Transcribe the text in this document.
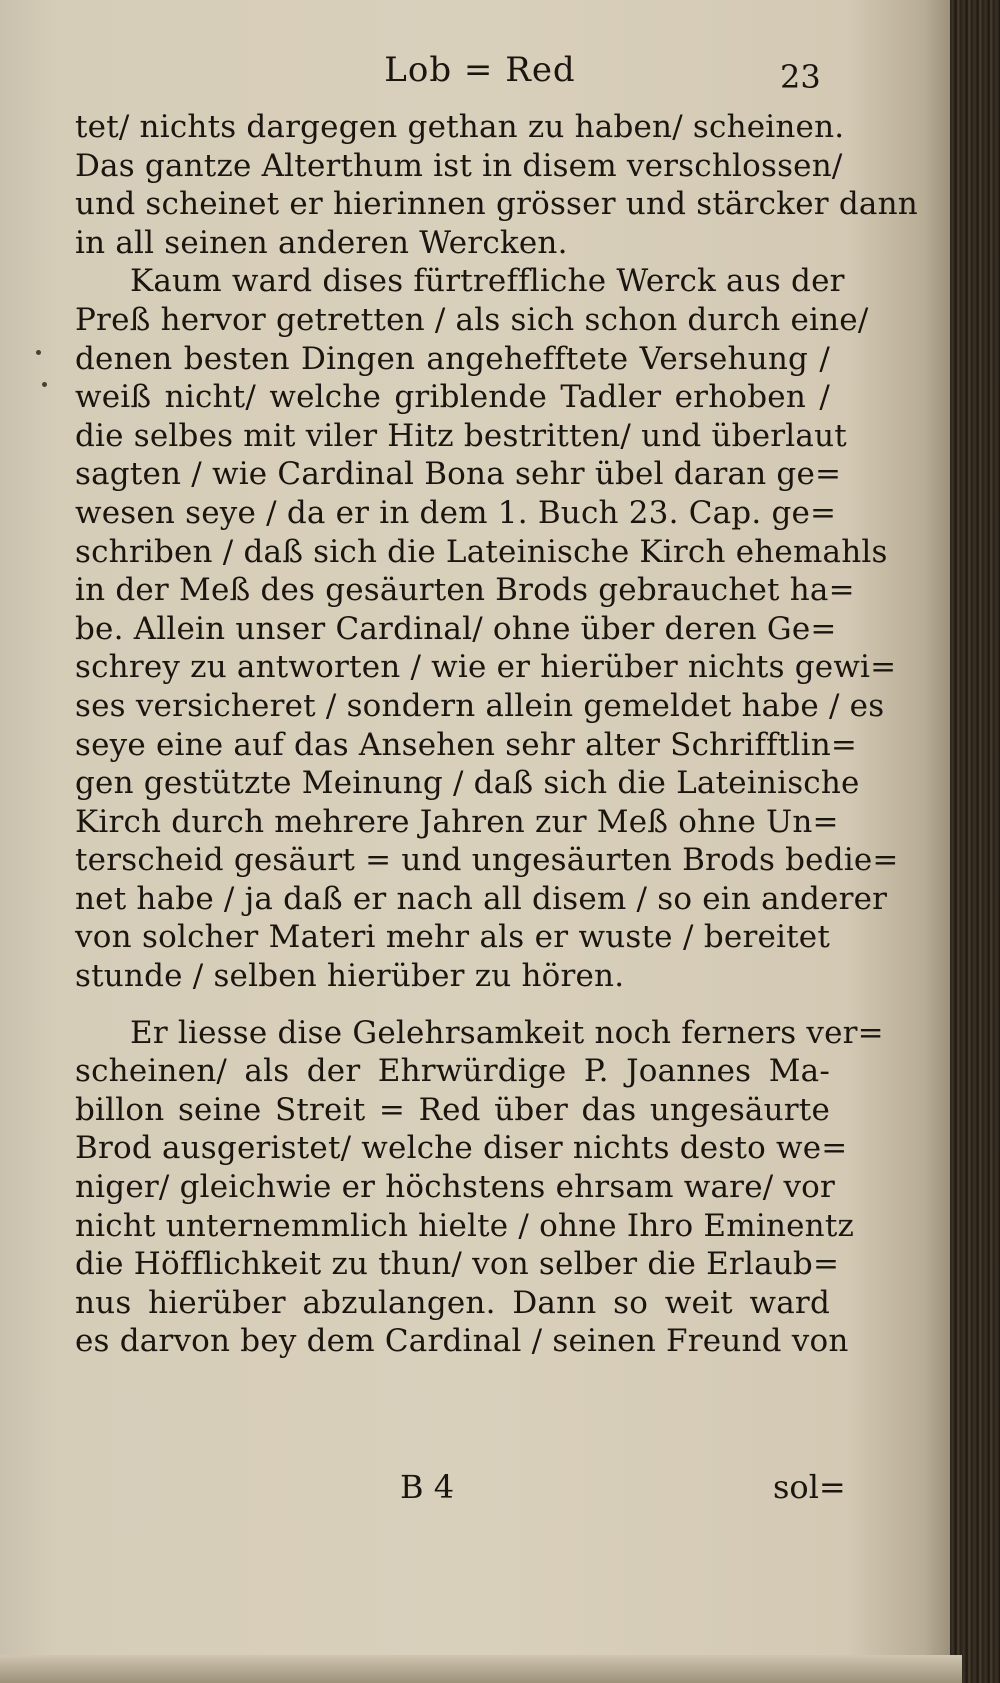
Lob = Red	23
tet/ nichts dargegen gethan zu haben/ scheinen.
Das gantze Alterthum ist in disem verschlossen/
und scheinet er hierinnen grösser und stärcker dann
in all seinen anderen Wercken.
Kaum ward dises fürtreffliche Werck aus der
Preß hervor getretten / als sich schon durch eine/
denen besten Dingen angehefftete Versehung /
weiß nicht/ welche griblende Tadler erhoben /
die selbes mit viler Hitz bestritten/ und überlaut
sagten / wie Cardinal Bona sehr übel daran ge=
wesen seye / da er in dem 1. Buch 23. Cap. ge=
schriben / daß sich die Lateinische Kirch ehemahls
in der Meß des gesäurten Brods gebrauchet ha=
be. Allein unser Cardinal/ ohne über deren Ge=
schrey zu antworten / wie er hierüber nichts gewi=
ses versicheret / sondern allein gemeldet habe / es
seye eine auf das Ansehen sehr alter Schrifftlin=
gen gestützte Meinung / daß sich die Lateinische
Kirch durch mehrere Jahren zur Meß ohne Un=
terscheid gesäurt = und ungesäurten Brods bedie=
net habe / ja daß er nach all disem / so ein anderer
von solcher Materi mehr als er wuste / bereitet
stunde / selben hierüber zu hören.
Er liesse dise Gelehrsamkeit noch ferners ver=
scheinen/ als der Ehrwürdige P. Joannes Ma-
billon seine Streit = Red über das ungesäurte
Brod ausgeristet/ welche diser nichts desto we=
niger/ gleichwie er höchstens ehrsam ware/ vor
nicht unternemmlich hielte / ohne Ihro Eminentz
die Höfflichkeit zu thun/ von selber die Erlaub=
nus hierüber abzulangen. Dann so weit ward
es darvon bey dem Cardinal / seinen Freund von
B 4	sol=
